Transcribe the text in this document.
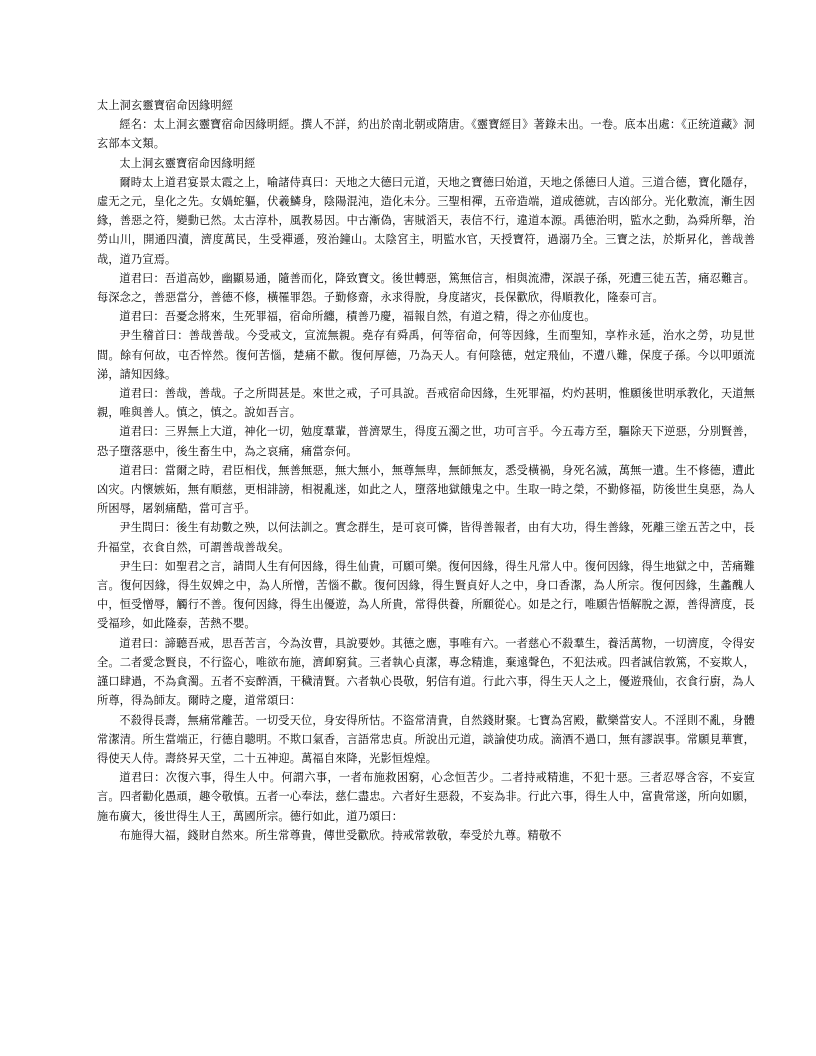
太上洞玄靈寶宿命因緣明經

經名：太上洞玄靈寶宿命因緣明經。撰人不詳，約出於南北朝或隋唐。《靈寶經目》著錄未出。一卷。底本出處：《正统道藏》洞玄部本文類。

太上洞玄靈寶宿命因緣明經

爾時太上道君宴景太霞之上，喻諸侍真曰：天地之大德曰元道，天地之寶德曰始道，天地之係德曰人道。三道合德，寶化隱存，虛无之元，皇化之先。女媧蛇軀，伏羲鱗身，陰陽混沌，造化未分。三聖相禪，五帝造端，道成德就，吉凶部分。光化敷流，漸生因緣，善惡之符，變動已然。太古淳朴，風教易因。中古漸偽，害賊滔天，表信不行，違道本源。禹德治明，監水之動，為舜所舉，治勞山川，開通四瀆，濟度萬民，生受禪遜，歿治鐘山。太陰宮主，明監水官，天授寶符，過溺乃全。三寶之法，於斯昇化，善哉善哉，道乃宣焉。

道君曰：吾道高妙，幽顯易通，隨善而化，降致寶文。後世轉惡，篤無信言，相與流滯，深誤子孫，死遭三徒五苦，痛忍難言。每深念之，善惡當分，善德不修，橫罹罪怨。子勤修齋，永求得脫，身度諸灾，長保歡欣，得順教化，隆泰可言。

道君曰：吾憂念將來，生死罪福，宿命所纏，積善乃慶，福報自然，有道之精，得之亦仙度也。

尹生稽首曰：善哉善哉。今受戒文，宣流無親。堯存有舜禹，何等宿命，何等因緣，生而聖知，享柞永延，治水之勞，功見世間。餘有何故，屯否悴然。復何苦惱，楚痛不歡。復何厚德，乃為天人。有何陰德，尅定飛仙，不遭八難，保度子孫。今以叩頭流涕，請知因緣。

道君曰：善哉，善哉。子之所問甚是。來世之戒，子可具說。吾戒宿命因緣，生死罪福，灼灼甚明，惟願後世明承教化，天道無親，唯與善人。慎之，慎之。說如吾言。

道君曰：三界無上大道，神化一切，勉度羣輩，普濟眾生，得度五濁之世，功可言乎。今五毒方至，驅除天下逆惡，分別賢善，恐子墮落惡中，後生畜生中，為之哀痛，痛當奈何。

道君曰：當爾之時，君臣相伐，無善無惡，無大無小，無尊無卑，無師無友，悉受橫禍，身死名滅，萬無一遺。生不修德，遭此凶灾。内懷嫉妬，無有順慈，更相誹謗，相視亂迷，如此之人，墮落地獄餓鬼之中。生取一時之榮，不勤修福，防後世生臭惡，為人所困辱，屠剝痛酷，當可言乎。

尹生問曰：後生有劫數之殃，以何法訓之。實念群生，是可哀可憐，皆得善報者，由有大功，得生善緣，死離三塗五苦之中，長升福堂，衣食自然，可謂善哉善哉矣。

尹生曰：如聖君之言，請問人生有何因緣，得生仙貴，可願可樂。復何因緣，得生凡常人中。復何因緣，得生地獄之中，苦痛難言。復何因緣，得生奴婢之中，為人所憎，苦惱不歡。復何因緣，得生賢貞好人之中，身口香潔，為人所宗。復何因緣，生蠡醜人中，恒受憎辱，觸行不善。復何因緣，得生出優遊，為人所貴，常得供養，所願從心。如是之行，唯願告悟解脫之源，善得濟度，長受福珍，如此隆泰，苦熱不嬰。

道君曰：諦聽吾戒，思吾苦言，今為汝曹，具說要妙。其德之應，事唯有六。一者慈心不殺羣生，養活萬物，一切濟度，令得安全。二者愛念賢良，不行盜心，唯欲布施，濟卹窮貧。三者執心貞潔，專念精進，棄遠聲色，不犯法戒。四者誠信敦篤，不妄欺人，謹口肆過，不為貪濁。五者不妄醉酒，干穢清賢。六者執心畏敬，躬信有道。行此六事，得生天人之上，優遊飛仙，衣食行廚，為人所尊，得為師友。爾時之慶，道常頌曰：

不殺得長壽，無痛常離苦。一切受天位，身安得所怙。不盜常清貴，自然錢財聚。七寶為宮殿，歡樂當安人。不淫則不亂，身體常潔清。所生當端正，行德自聰明。不欺口氣香，言語常忠貞。所說出元道，談論使功成。滴酒不過口，無有謬誤事。常願見華實，得使天人侍。壽終昇天堂，二十五神迎。萬福自來降，光影恒煌煌。

道君曰：次復六事，得生人中。何謂六事，一者布施救困窮，心念恒苦少。二者持戒精進，不犯十惡。三者忍辱含容，不妄宣言。四者勸化愚頑，趣令敬慎。五者一心奉法，慈仁盡忠。六者好生惡殺，不妄為非。行此六事，得生人中，富貴常遂，所向如願，施布廣大，後世得生人王，萬國所宗。德行如此，道乃頌曰：

布施得大福，錢財自然來。所生常尊貴，傳世受歡欣。持戒常敦敬，奉受於九尊。精敬不
